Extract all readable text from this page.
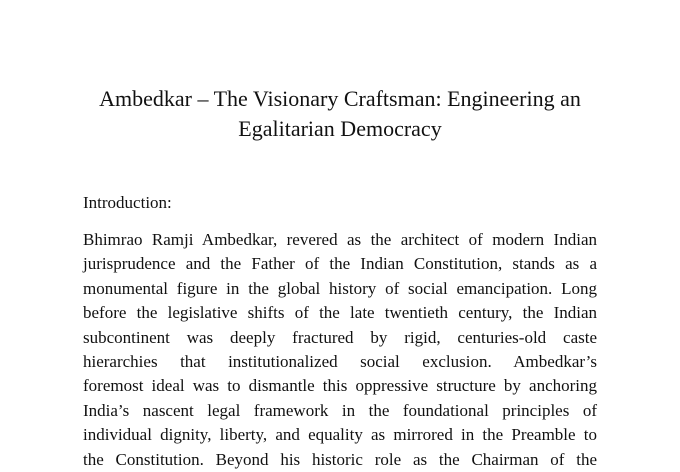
Ambedkar – The Visionary Craftsman: Engineering an
Egalitarian Democracy
Introduction:
Bhimrao Ramji Ambedkar, revered as the architect of modern Indian
jurisprudence and the Father of the Indian Constitution, stands as a
monumental figure in the global history of social emancipation. Long
before the legislative shifts of the late twentieth century, the Indian
subcontinent was deeply fractured by rigid, centuries-old caste
hierarchies that institutionalized social exclusion. Ambedkar’s
foremost ideal was to dismantle this oppressive structure by anchoring
India’s nascent legal framework in the foundational principles of
individual dignity, liberty, and equality as mirrored in the Preamble to
the Constitution. Beyond his historic role as the Chairman of the
